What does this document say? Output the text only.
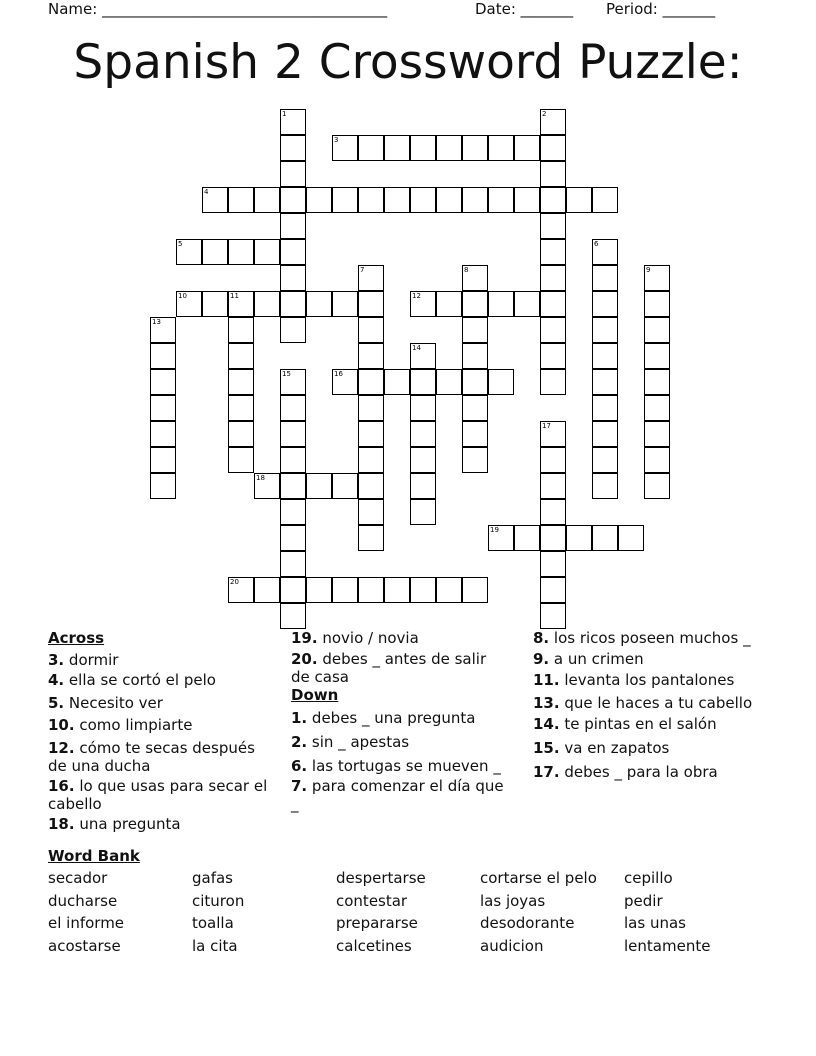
Name: ______________________________________	Date: _______ Period: _______
Spanish 2 Crossword Puzzle:
1	2
3
4
5	6
7	8	9
10	11	12
13
14
15	16
17
18
19
20
Across

3. dormir

4. ella se cortó el pelo

5. Necesito ver

10. como limpiarte

12. cómo te secas después de una ducha

16. lo que usas para secar el cabello

18. una pregunta

19. novio / novia

20. debes _ antes de salir de casa

Down

1. debes _ una pregunta

2. sin _ apestas

6. las tortugas se mueven _

7. para comenzar el día que _

8. los ricos poseen muchos _

9. a un crimen

11. levanta los pantalones

13. que le haces a tu cabello

14. te pintas en el salón

15. va en zapatos

17. debes _ para la obra

Word Bank
secador
ducharse
el informe
acostarse
gafas
cituron
toalla
la cita
despertarse
contestar
prepararse
calcetines
cortarse el pelo
las joyas
desodorante
audicion
cepillo
pedir
las unas
lentamente
